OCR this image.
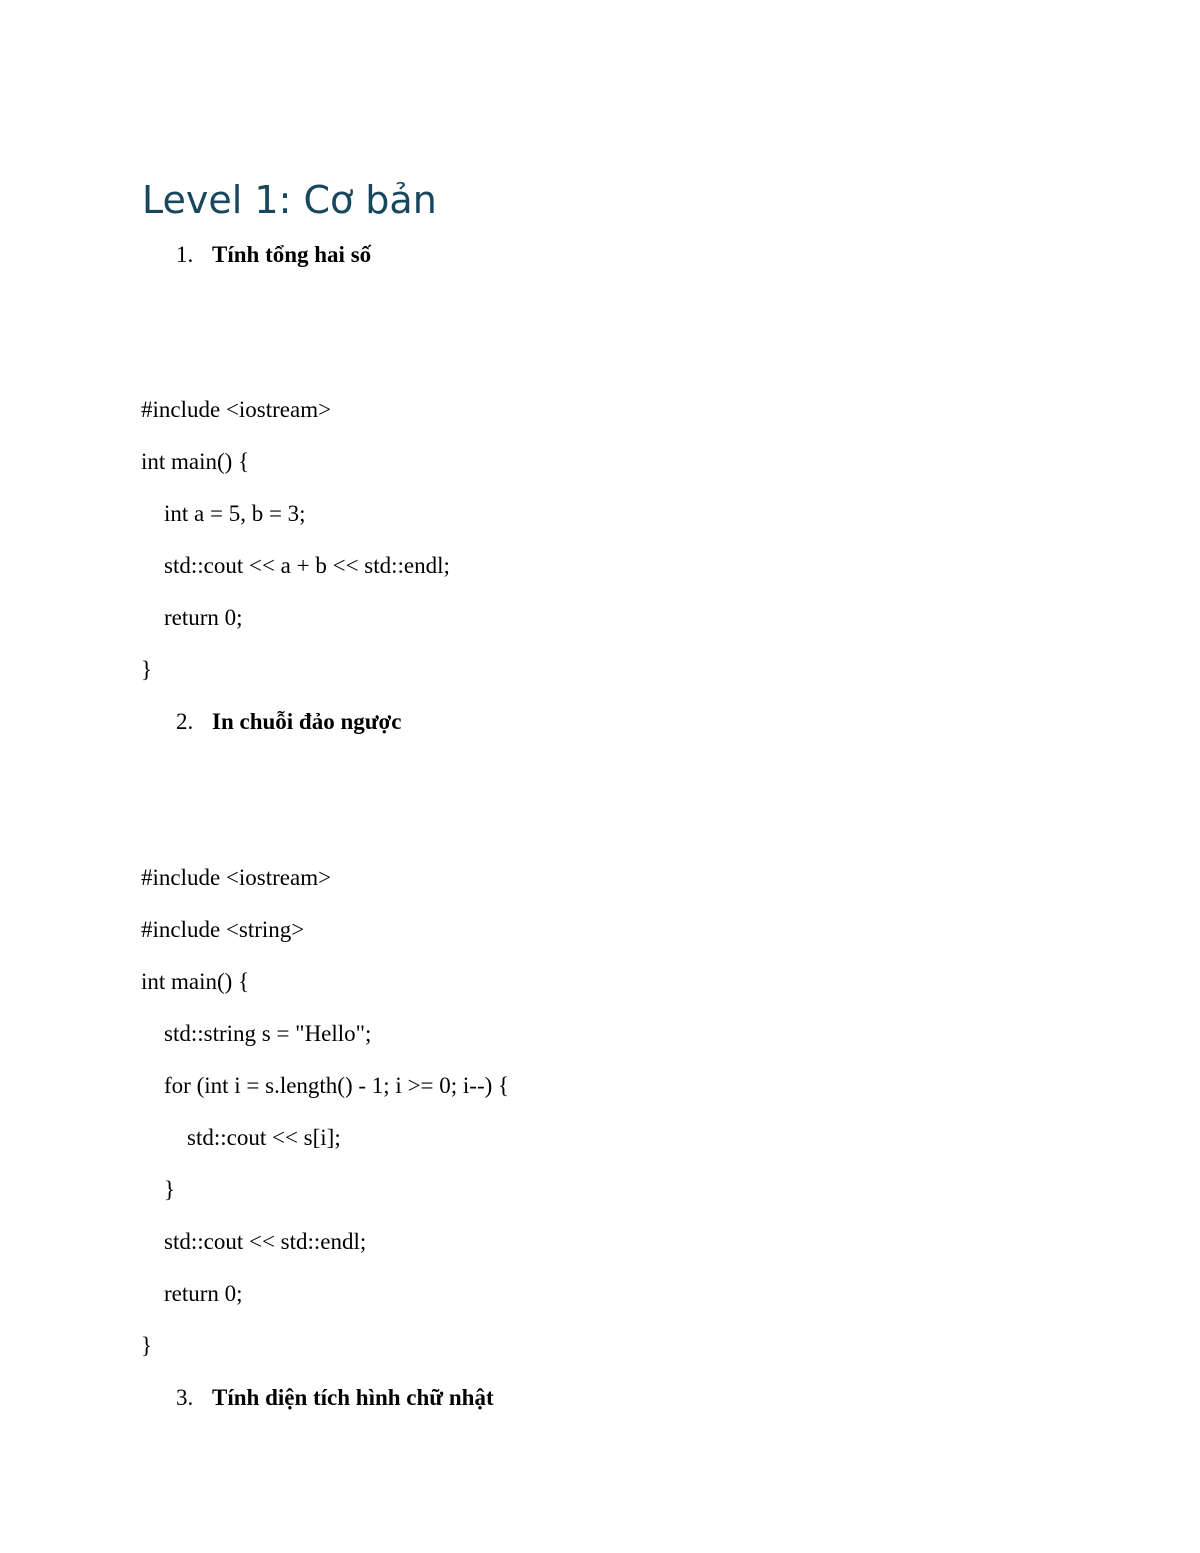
Level 1: Cơ bản
1. Tính tổng hai số
#include <iostream>
int main() {
int a = 5, b = 3;
std::cout << a + b << std::endl;
return 0;
}
2. In chuỗi đảo ngược
#include <iostream>
#include <string>
int main() {
std::string s = "Hello";
for (int i = s.length() - 1; i >= 0; i--) {
std::cout << s[i];
}
std::cout << std::endl;
return 0;
}
3. Tính diện tích hình chữ nhật
